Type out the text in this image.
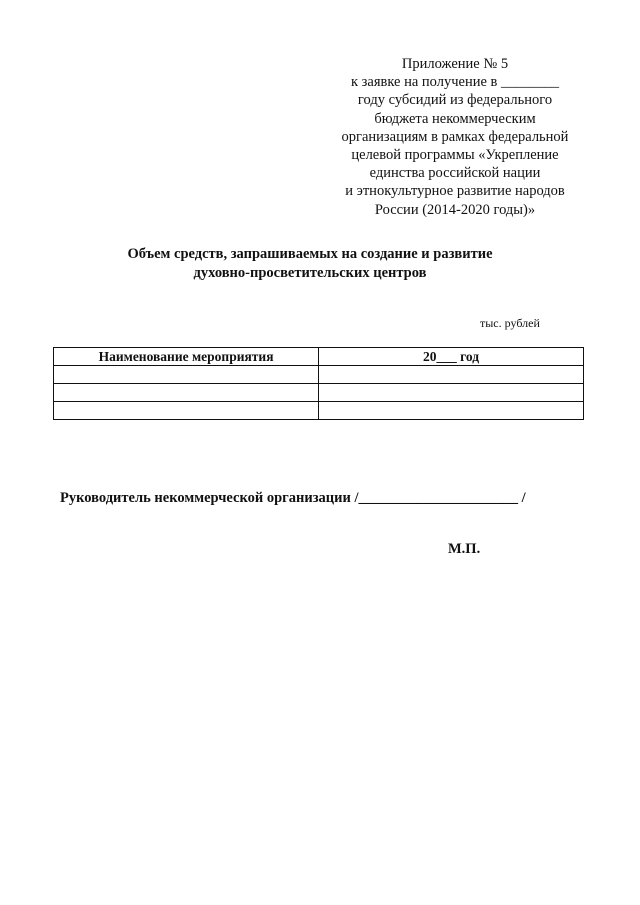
Приложение № 5
к заявке на получение в ________
году субсидий из федерального
бюджета некоммерческим
организациям в рамках федеральной
целевой программы «Укрепление
единства российской нации
и этнокультурное развитие народов
России (2014-2020 годы)»
Объем средств, запрашиваемых на создание и развитие
духовно-просветительских центров
тыс. рублей
Наименование мероприятия	20___ год

Руководитель некоммерческой организации /______________________ /
М.П.
